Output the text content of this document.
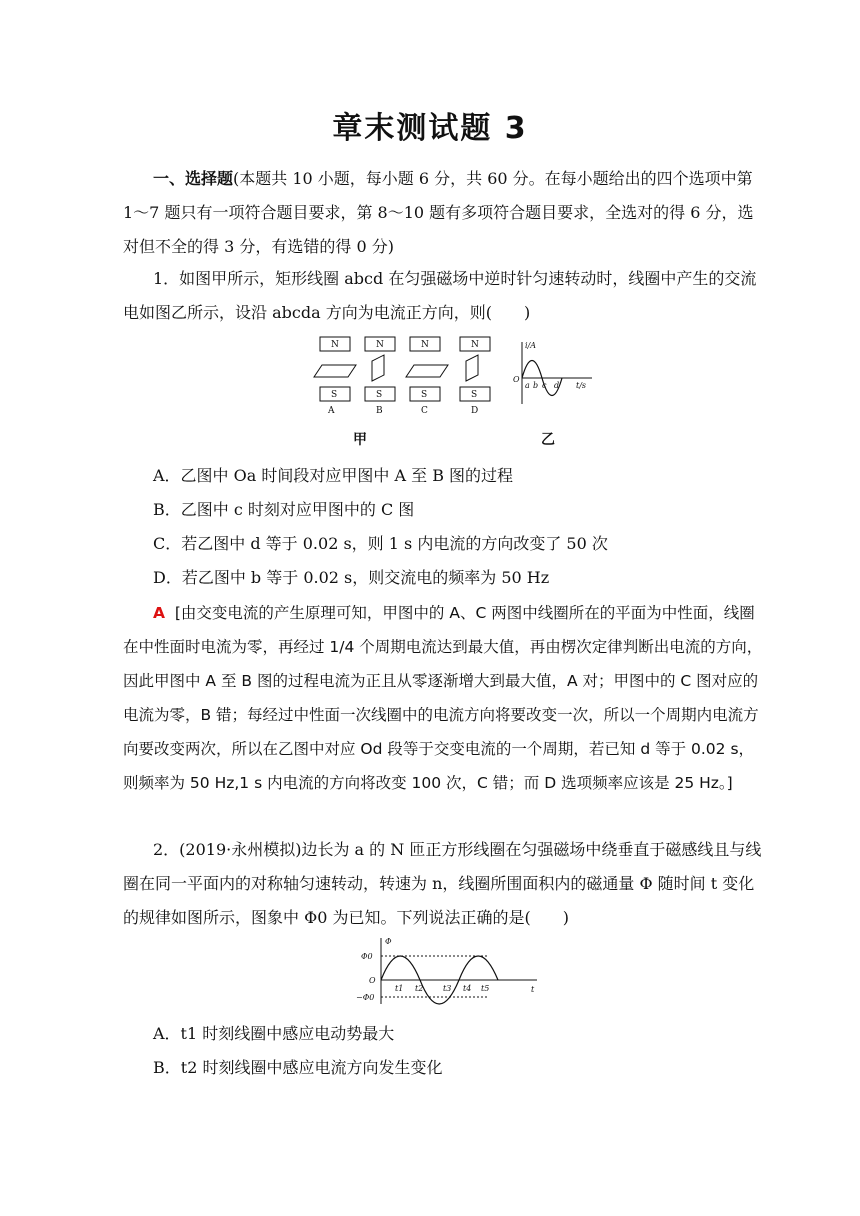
章末测试题 3
一、选择题(本题共 10 小题，每小题 6 分，共 60 分。在每小题给出的四个选项中第 1～7 题只有一项符合题目要求，第 8～10 题有多项符合题目要求，全选对的得 6 分，选对但不全的得 3 分，有选错的得 0 分)
1．如图甲所示，矩形线圈 abcd 在匀强磁场中逆时针匀速转动时，线圈中产生的交流电如图乙所示，设沿 abcda 方向为电流正方向，则(　　)
N
S
A
N
S
B
N
S
C
N
S
D
i/A
t/s
O
a b c d
甲	乙
A．乙图中 Oa 时间段对应甲图中 A 至 B 图的过程
B．乙图中 c 时刻对应甲图中的 C 图
C．若乙图中 d 等于 0.02 s，则 1 s 内电流的方向改变了 50 次
D．若乙图中 b 等于 0.02 s，则交流电的频率为 50 Hz
A [由交变电流的产生原理可知，甲图中的 A、C 两图中线圈所在的平面为中性面，线圈在中性面时电流为零，再经过 1/4 个周期电流达到最大值，再由楞次定律判断出电流的方向，因此甲图中 A 至 B 图的过程电流为正且从零逐渐增大到最大值，A 对；甲图中的 C 图对应的电流为零，B 错；每经过中性面一次线圈中的电流方向将要改变一次，所以一个周期内电流方向要改变两次，所以在乙图中对应 Od 段等于交变电流的一个周期，若已知 d 等于 0.02 s，则频率为 50 Hz,1 s 内电流的方向将改变 100 次，C 错；而 D 选项频率应该是 25 Hz。]
2．(2019·永州模拟)边长为 a 的 N 匝正方形线圈在匀强磁场中绕垂直于磁感线且与线圈在同一平面内的对称轴匀速转动，转速为 n，线圈所围面积内的磁通量 Φ 随时间 t 变化的规律如图所示，图象中 Φ0 为已知。下列说法正确的是(　　)
Φ
t
O
Φ0
−Φ0
t1 t2 t3 t4 t5
A．t1 时刻线圈中感应电动势最大
B．t2 时刻线圈中感应电流方向发生变化
